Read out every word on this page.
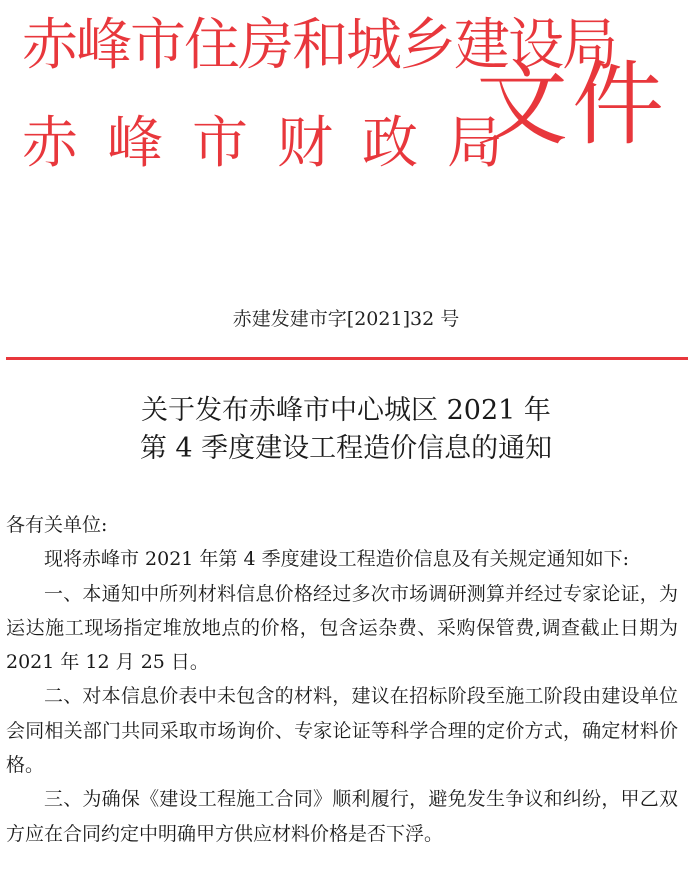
赤峰市住房和城乡建设局
赤峰市财政局
文件
赤建发建市字[2021]32 号
关于发布赤峰市中心城区 2021 年
第 4 季度建设工程造价信息的通知

各有关单位:

现将赤峰市 2021 年第 4 季度建设工程造价信息及有关规定通知如下:

一、本通知中所列材料信息价格经过多次市场调研测算并经过专家论证，为运达施工现场指定堆放地点的价格，包含运杂费、采购保管费,调查截止日期为 2021 年 12 月 25 日。

二、对本信息价表中未包含的材料，建议在招标阶段至施工阶段由建设单位会同相关部门共同采取市场询价、专家论证等科学合理的定价方式，确定材料价格。

三、为确保《建设工程施工合同》顺利履行，避免发生争议和纠纷，甲乙双方应在合同约定中明确甲方供应材料价格是否下浮。
